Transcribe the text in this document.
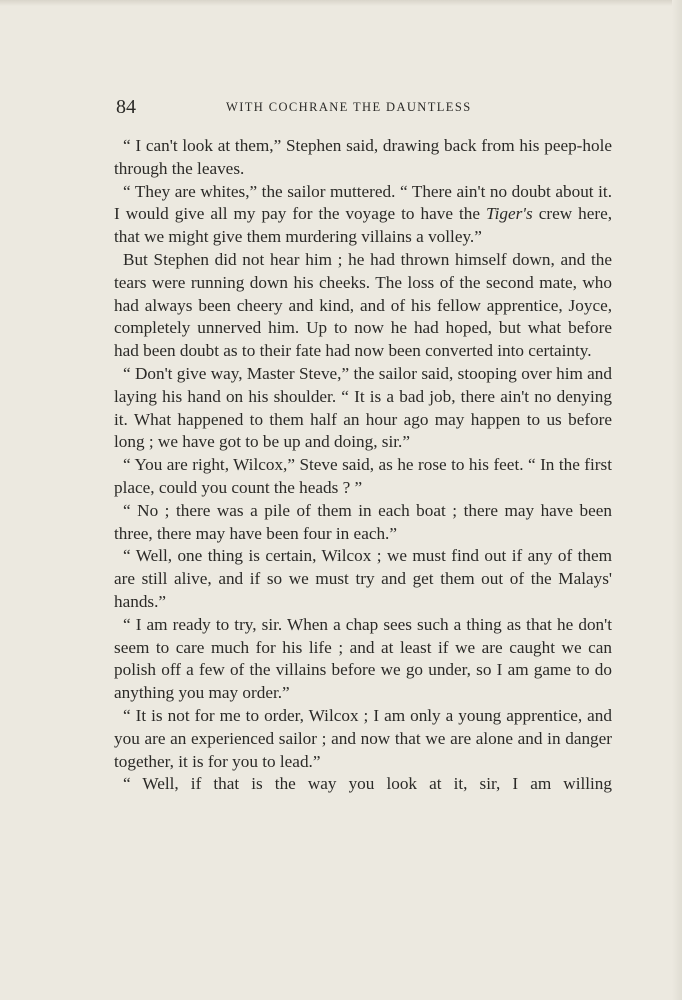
84	WITH COCHRANE THE DAUNTLESS

“ I can't look at them,” Stephen said, drawing back from his peep-hole through the leaves.

“ They are whites,” the sailor muttered. “ There ain't no doubt about it. I would give all my pay for the voyage to have the Tiger's crew here, that we might give them murdering villains a volley.”

But Stephen did not hear him ; he had thrown himself down, and the tears were running down his cheeks. The loss of the second mate, who had always been cheery and kind, and of his fellow apprentice, Joyce, completely unnerved him. Up to now he had hoped, but what before had been doubt as to their fate had now been converted into certainty.

“ Don't give way, Master Steve,” the sailor said, stooping over him and laying his hand on his shoulder. “ It is a bad job, there ain't no denying it. What happened to them half an hour ago may happen to us before long ; we have got to be up and doing, sir.”

“ You are right, Wilcox,” Steve said, as he rose to his feet. “ In the first place, could you count the heads ? ”

“ No ; there was a pile of them in each boat ; there may have been three, there may have been four in each.”

“ Well, one thing is certain, Wilcox ; we must find out if any of them are still alive, and if so we must try and get them out of the Malays' hands.”

“ I am ready to try, sir. When a chap sees such a thing as that he don't seem to care much for his life ; and at least if we are caught we can polish off a few of the villains before we go under, so I am game to do anything you may order.”

“ It is not for me to order, Wilcox ; I am only a young apprentice, and you are an experienced sailor ; and now that we are alone and in danger together, it is for you to lead.”

“ Well, if that is the way you look at it, sir, I am willing
